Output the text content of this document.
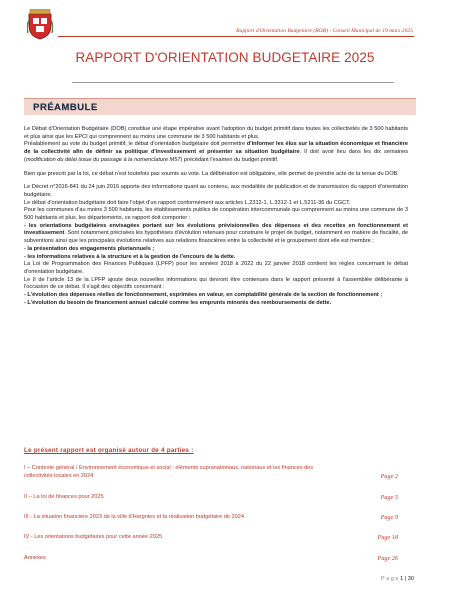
Rapport d'Orientation Budgetaire (ROB) - Conseil Municipal de 19 mars 2025
RAPPORT D'ORIENTATION BUDGETAIRE 2025
PRÉAMBULE

Le Débat d'Orientation Budgétaire (DOB) constitue une étape impérative avant l'adoption du budget primitif dans toutes les collectivités de 3 500 habitants et plus ainsi que les EPCI qui comprennent au moins une commune de 3 500 habitants et plus.

Préalablement au vote du budget primitif, le débat d'orientation budgétaire doit permettre d'informer les élus sur la situation économique et financière de la collectivité afin de définir sa politique d'investissement et présenter sa situation budgétaire. Il doit avoir lieu dans les dix semaines (modification du délai issue du passage à la nomenclature M57) précédant l'examen du budget primitif.

Bien que prescrit par la loi, ce débat n'est toutefois pas soumis au vote. La délibération est obligatoire, elle permet de prendre acte de la tenue du DOB.

Le Décret n°2016-841 du 24 juin 2016 apporte des informations quant au contenu, aux modalités de publication et de transmission du rapport d'orientation budgétaire.

Le débat d'orientation budgétaire doit faire l'objet d'un rapport conformément aux articles L.2312-1, L.3312-1 et L.5211-36 du CGCT.

Pour les communes d'au moins 3 500 habitants, les établissements publics de coopération intercommunale qui comprennent au moins une commune de 3 500 habitants et plus, les départements, ce rapport doit comporter :

- les orientations budgétaires envisagées portant sur les évolutions prévisionnelles des dépenses et des recettes en fonctionnement et investissement. Sont notamment précisées les hypothèses d'évolution retenues pour construire le projet de budget, notamment en matière de fiscalité, de subventions ainsi que les principales évolutions relatives aux relations financières entre la collectivité et le groupement dont elle est membre ;

- la présentation des engagements pluriannuels ;

- les informations relatives à la structure et à la gestion de l'encours de la dette.

La Loi de Programmation des Finances Publiques (LPFP) pour les années 2018 à 2022 du 22 janvier 2018 contient les règles concernant le débat d'orientation budgétaire.

Le II de l'article 13 de la LPFP ajoute deux nouvelles informations qui devront être contenues dans le rapport présenté à l'assemblée délibérante à l'occasion de ce débat. Il s'agit des objectifs concernant :

- L'évolution des dépenses réelles de fonctionnement, exprimées en valeur, en comptabilité générale de la section de fonctionnement ;

- L'évolution du besoin de financement annuel calculé comme les emprunts minorés des remboursements de dette.

Le présent rapport est organisé autour de 4 parties :
I – Contexte général / Environnement économique et social : éléments supranationaux, nationaux et les finances des collectivités locales en 2024	Page 2
II – La loi de finances pour 2025	Page 5
III - La situation financière 2023 de la ville d'Hergnies et la réalisation budgétaire de 2024	Page 9
IV - Les orientations budgétaires pour cette année 2025	Page 18
Annexes	Page 26
P a g e 1 | 30
